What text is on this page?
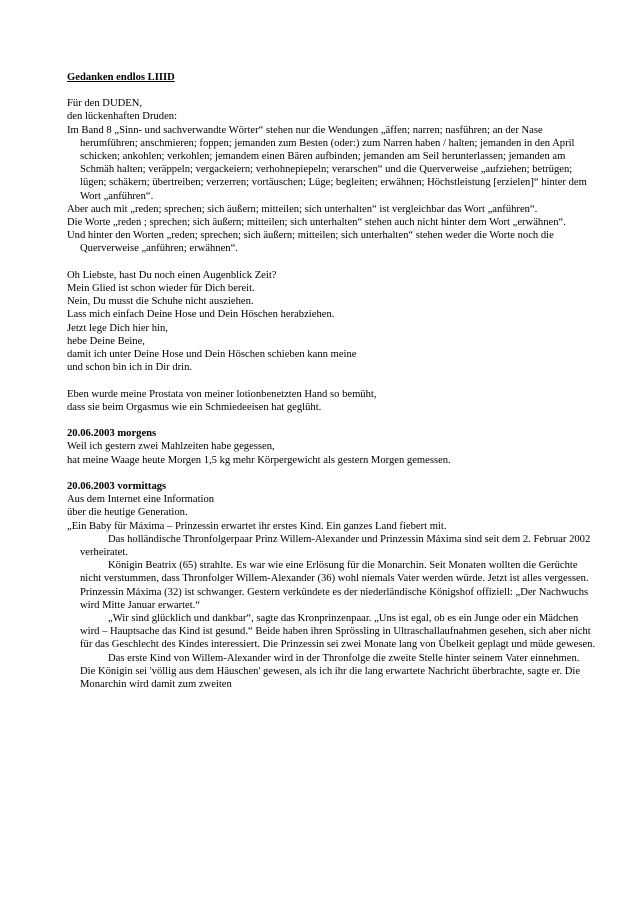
Gedanken endlos LIIID

Für den DUDEN,

den lückenhaften Druden:

Im Band 8 „Sinn- und sachverwandte Wörter“ stehen nur die Wendungen „äffen; narren; nasführen; an der Nase herumführen; anschmieren; foppen; jemanden zum Besten (oder:) zum Narren haben / halten; jemanden in den April schicken; ankohlen; verkohlen; jemandem einen Bären aufbinden; jemanden am Seil herunterlassen; jemanden am Schmäh halten; veräppeln; vergackeiern; verhohnepiepeln; verarschen“ und die Querverweise „aufziehen; betrügen; lügen; schäkern; übertreiben; verzerren; vortäuschen; Lüge; begleiten; erwähnen; Höchstleistung [erzielen]“ hinter dem Wort „anführen“.

Aber auch mit „reden; sprechen; sich äußern; mitteilen; sich unterhalten“ ist vergleichbar das Wort „anführen“.

Die Worte „reden ; sprechen; sich äußern; mitteilen; sich unterhalten“ stehen auch nicht hinter dem Wort „erwähnen“.

Und hinter den Worten „reden; sprechen; sich äußern; mitteilen; sich unterhalten“ stehen weder die Worte noch die Querverweise „anführen; erwähnen“.

Oh Liebste, hast Du noch einen Augenblick Zeit?

Mein Glied ist schon wieder für Dich bereit.

Nein, Du musst die Schuhe nicht ausziehen.

Lass mich einfach Deine Hose und Dein Höschen herabziehen.

Jetzt lege Dich hier hin,

hebe Deine Beine,

damit ich unter Deine Hose und Dein Höschen schieben kann meine

und schon bin ich in Dir drin.

Eben wurde meine Prostata von meiner lotionbenetzten Hand so bemüht,

dass sie beim Orgasmus wie ein Schmiedeeisen hat geglüht.

20.06.2003 morgens

Weil ich gestern zwei Mahlzeiten habe gegessen,

hat meine Waage heute Morgen 1,5 kg mehr Körpergewicht als gestern Morgen gemessen.

20.06.2003 vormittags

Aus dem Internet eine Information

über die heutige Generation.

„Ein Baby für Máxima – Prinzessin erwartet ihr erstes Kind. Ein ganzes Land fiebert mit.

Das holländische Thronfolgerpaar Prinz Willem-Alexander und Prinzessin Máxima sind seit dem 2. Februar 2002 verheiratet.

Königin Beatrix (65) strahlte. Es war wie eine Erlösung für die Monarchin. Seit Monaten wollten die Gerüchte nicht verstummen, dass Thronfolger Willem-Alexander (36) wohl niemals Vater werden würde. Jetzt ist alles vergessen. Prinzessin Máxima (32) ist schwanger. Gestern verkündete es der niederländische Königshof offiziell: „Der Nachwuchs wird Mitte Januar erwartet.“

„Wir sind glücklich und dankbar“, sagte das Kronprinzenpaar. „Uns ist egal, ob es ein Junge oder ein Mädchen wird – Hauptsache das Kind ist gesund.“ Beide haben ihren Sprössling in Ultraschallaufnahmen gesehen, sich aber nicht für das Geschlecht des Kindes interessiert. Die Prinzessin sei zwei Monate lang von Übelkeit geplagt und müde gewesen.

Das erste Kind von Willem-Alexander wird in der Thronfolge die zweite Stelle hinter seinem Vater einnehmen. Die Königin sei 'völlig aus dem Häuschen' gewesen, als ich ihr die lang erwartete Nachricht überbrachte, sagte er. Die Monarchin wird damit zum zweiten
